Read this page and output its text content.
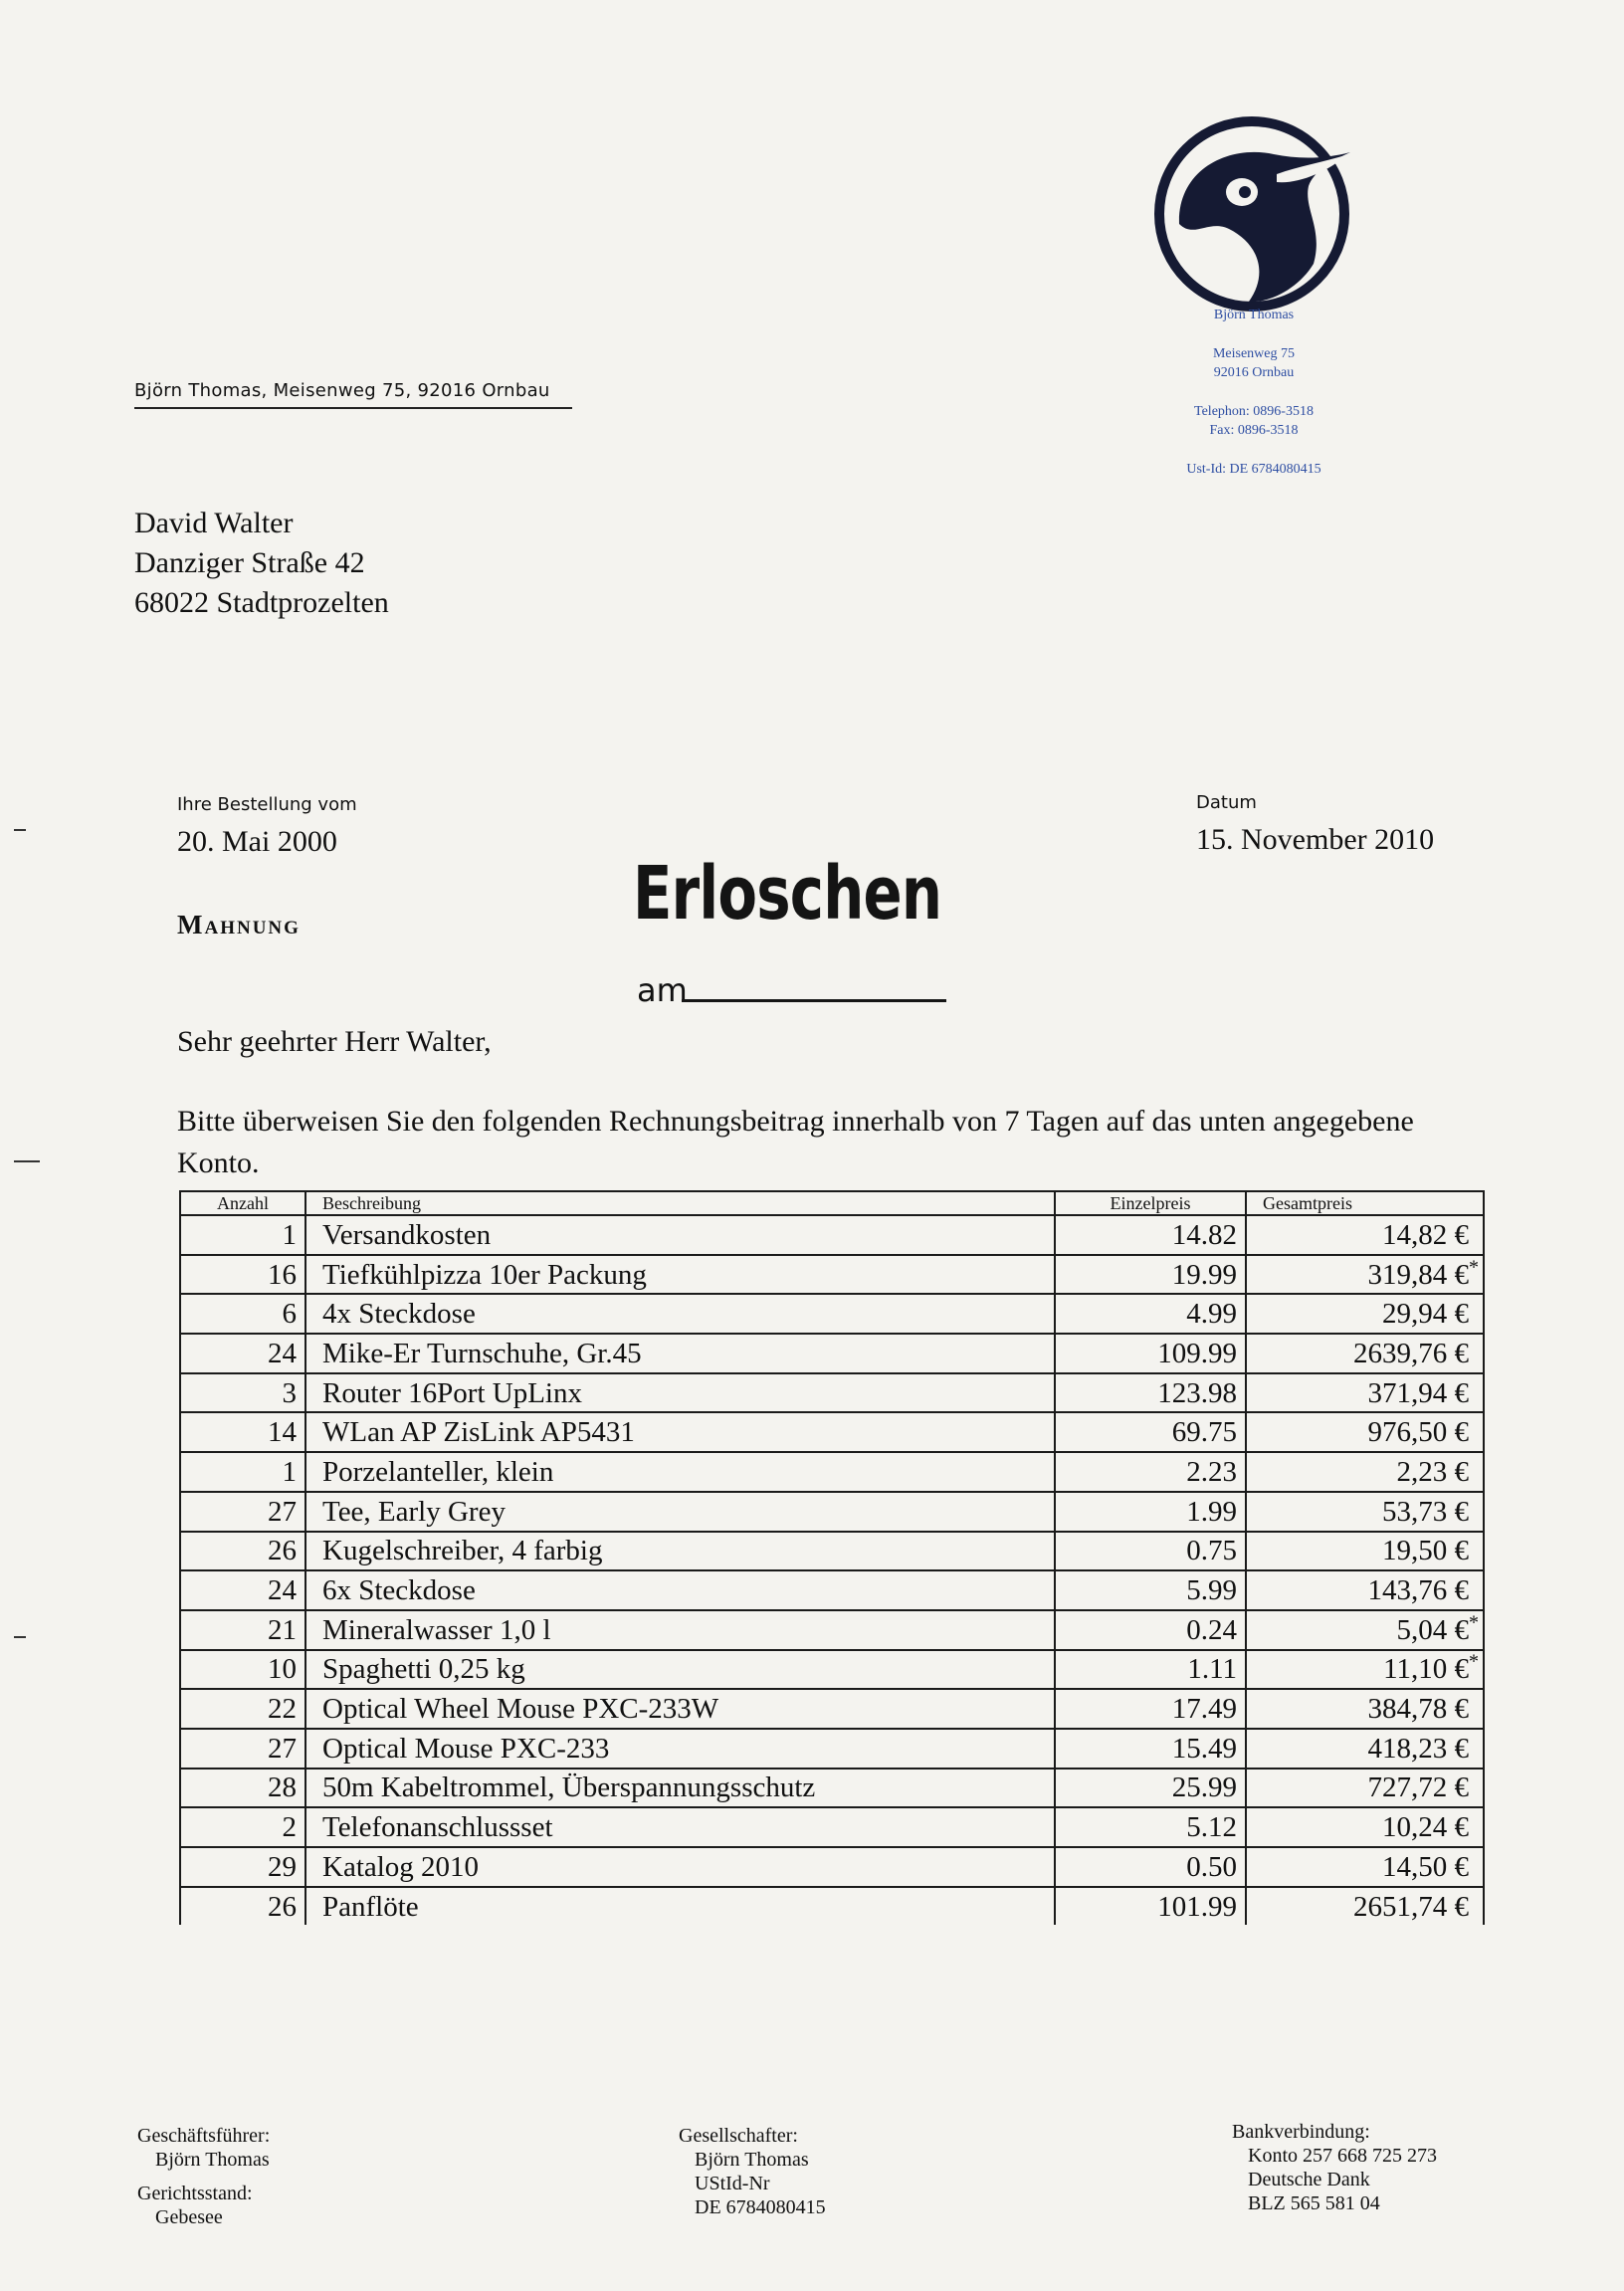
Björn Thomas
Meisenweg 75
92016 Ornbau
Telephon: 0896-3518
Fax: 0896-3518
Ust-Id: DE 6784080415
Björn Thomas, Meisenweg 75, 92016 Ornbau
David Walter
Danziger Straße 42
68022 Stadtprozelten
Ihre Bestellung vom
20. Mai 2000
Datum
15. November 2010
Mahnung	Erloschen
am
Sehr geehrter Herr Walter,
Bitte überweisen Sie den folgenden Rechnungsbeitrag innerhalb von 7 Tagen auf das unten angegebene Konto.
Anzahl	Beschreibung	Einzelpreis	Gesamtpreis
1	Versandkosten	14.82	14,82 €
16	Tiefkühlpizza 10er Packung	19.99	319,84 €*
6	4x Steckdose	4.99	29,94 €
24	Mike-Er Turnschuhe, Gr.45	109.99	2639,76 €
3	Router 16Port UpLinx	123.98	371,94 €
14	WLan AP ZisLink AP5431	69.75	976,50 €
1	Porzelanteller, klein	2.23	2,23 €
27	Tee, Early Grey	1.99	53,73 €
26	Kugelschreiber, 4 farbig	0.75	19,50 €
24	6x Steckdose	5.99	143,76 €
21	Mineralwasser 1,0 l	0.24	5,04 €*
10	Spaghetti 0,25 kg	1.11	11,10 €*
22	Optical Wheel Mouse PXC-233W	17.49	384,78 €
27	Optical Mouse PXC-233	15.49	418,23 €
28	50m Kabeltrommel, Überspannungsschutz	25.99	727,72 €
2	Telefonanschlussset	5.12	10,24 €
29	Katalog 2010	0.50	14,50 €
26	Panflöte	101.99	2651,74 €
Geschäftsführer:
Björn Thomas
Gerichtsstand:
Gebesee
Gesellschafter:
Björn Thomas
UStId-Nr
DE 6784080415
Bankverbindung:
Konto 257 668 725 273
Deutsche Dank
BLZ 565 581 04
